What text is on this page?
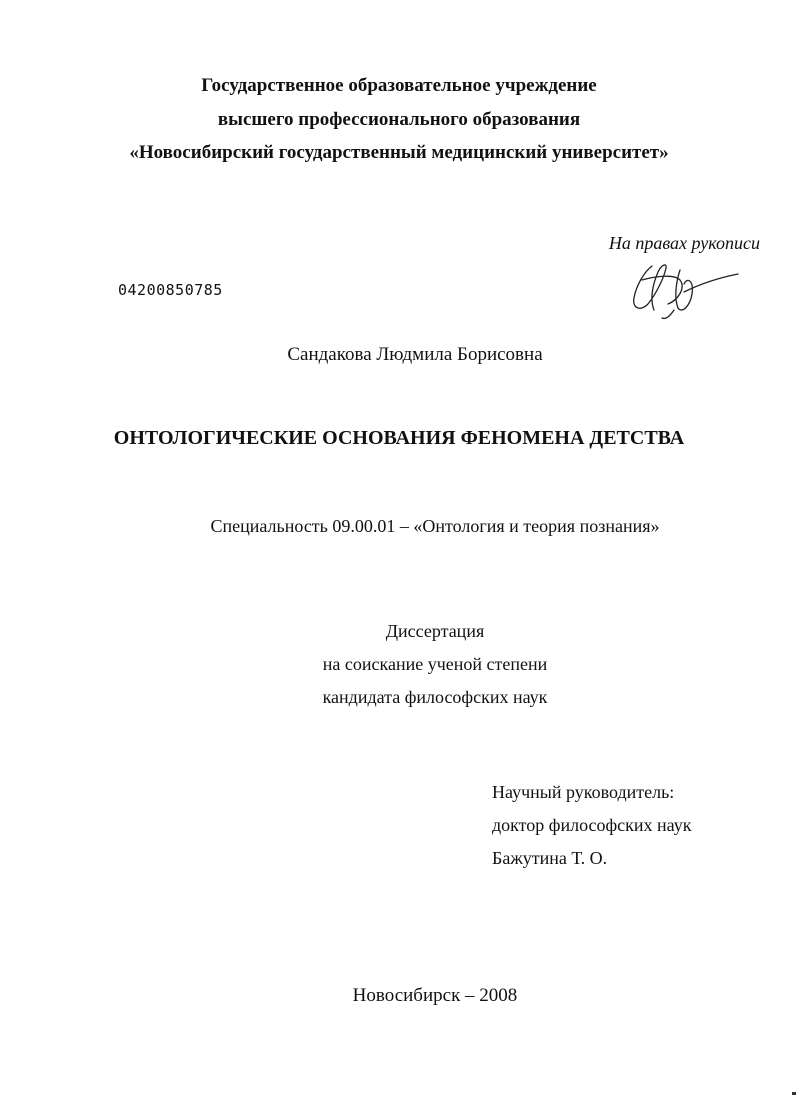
Государственное образовательное учреждение
высшего профессионального образования
«Новосибирский государственный медицинский университет»
На правах рукописи
04200850785
Сандакова Людмила Борисовна
ОНТОЛОГИЧЕСКИЕ ОСНОВАНИЯ ФЕНОМЕНА ДЕТСТВА
Специальность 09.00.01 – «Онтология и теория познания»
Диссертация
на соискание ученой степени
кандидата философских наук
Научный руководитель:
доктор философских наук
Бажутина Т. О.
Новосибирск – 2008
